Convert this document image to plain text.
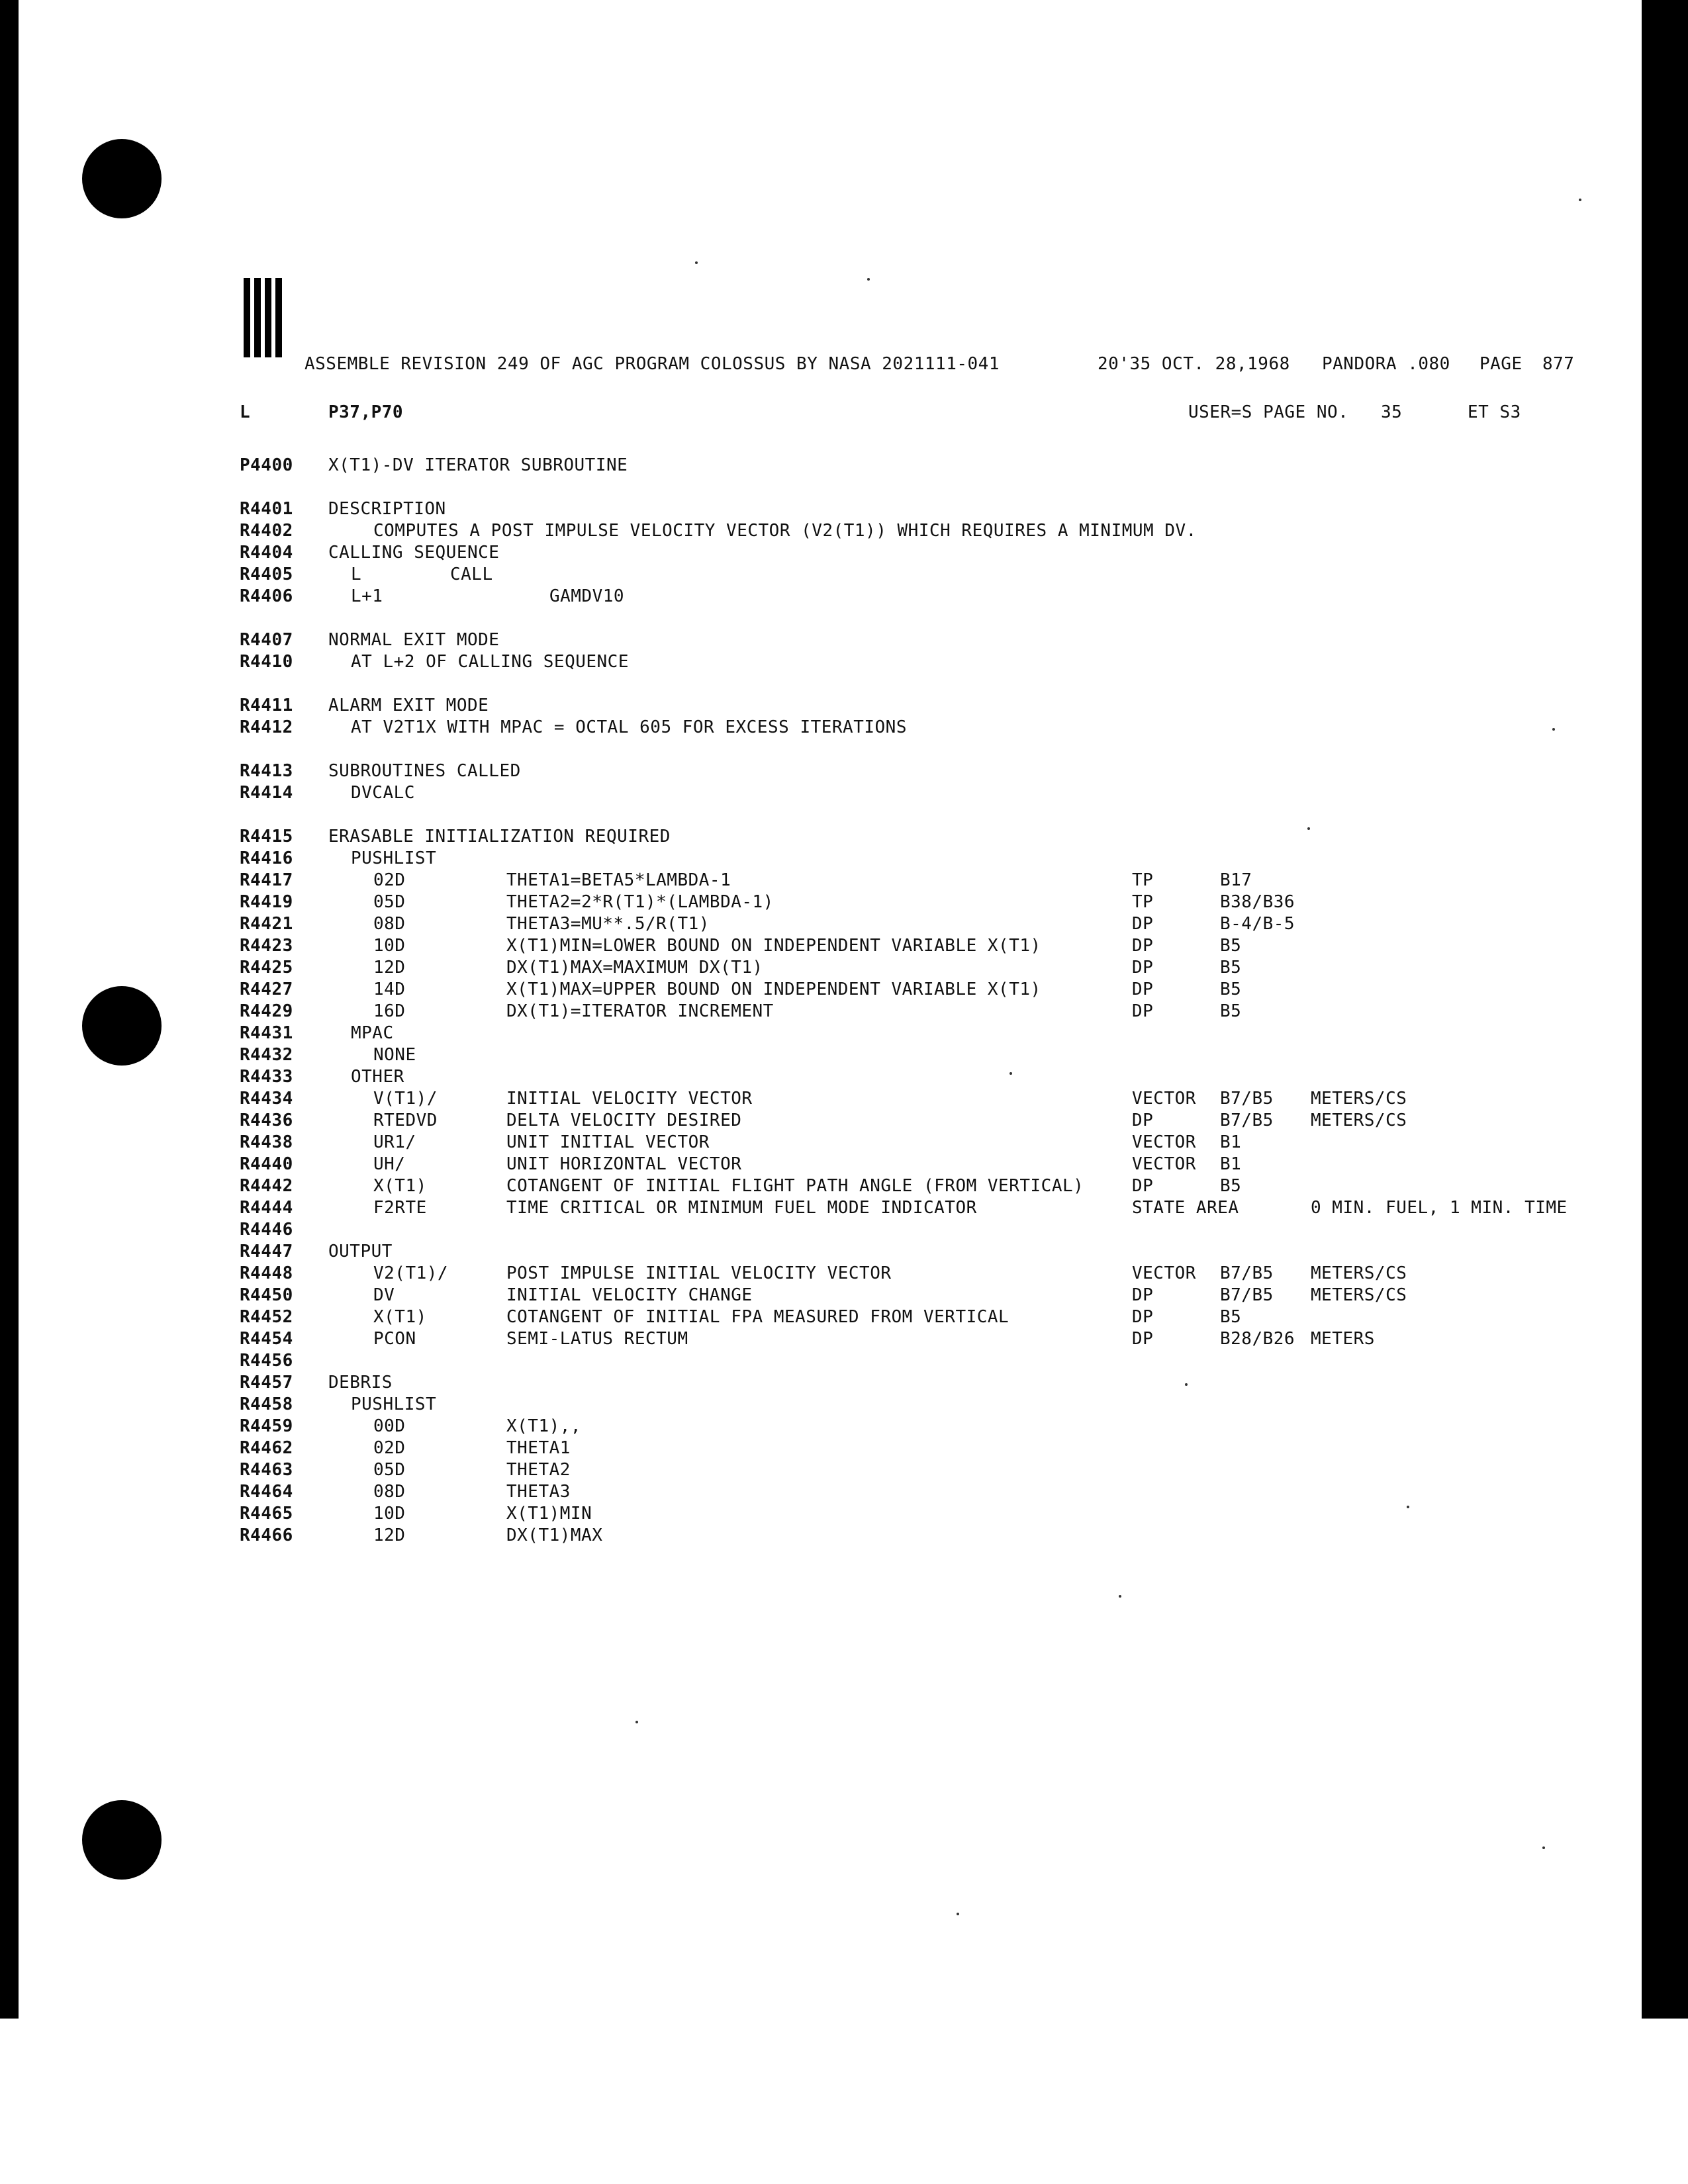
ASSEMBLE REVISION 249 OF AGC PROGRAM COLOSSUS BY NASA 2021111-041	20'35 OCT. 28,1968 PANDORA .080 PAGE 877
L	P37,P70	USER=S PAGE NO. 35	ET S3
P4400 X(T1)-DV ITERATOR SUBROUTINE
R4401 DESCRIPTION
R4402	COMPUTES A POST IMPULSE VELOCITY VECTOR (V2(T1)) WHICH REQUIRES A MINIMUM DV.
R4404 CALLING SEQUENCE
R4405	L	CALL
R4406	L+1	GAMDV10
R4407 NORMAL EXIT MODE
R4410	AT L+2 OF CALLING SEQUENCE
R4411 ALARM EXIT MODE
R4412	AT V2T1X WITH MPAC = OCTAL 605 FOR EXCESS ITERATIONS
R4413 SUBROUTINES CALLED
R4414	DVCALC
R4415 ERASABLE INITIALIZATION REQUIRED
R4416	PUSHLIST
R4417	02D	THETA1=BETA5*LAMBDA-1	TP	B17
R4419	05D	THETA2=2*R(T1)*(LAMBDA-1)	TP	B38/B36
R4421	08D	THETA3=MU**.5/R(T1)	DP	B-4/B-5
R4423	10D	X(T1)MIN=LOWER BOUND ON INDEPENDENT VARIABLE X(T1)	DP	B5
R4425	12D	DX(T1)MAX=MAXIMUM DX(T1)	DP	B5
R4427	14D	X(T1)MAX=UPPER BOUND ON INDEPENDENT VARIABLE X(T1)	DP	B5
R4429	16D	DX(T1)=ITERATOR INCREMENT	DP	B5
R4431	MPAC
R4432	NONE
R4433	OTHER
R4434	V(T1)/	INITIAL VELOCITY VECTOR	VECTOR B7/B5 METERS/CS
R4436	RTEDVD	DELTA VELOCITY DESIRED	DP	B7/B5 METERS/CS
R4438	UR1/	UNIT INITIAL VECTOR	VECTOR B1
R4440	UH/	UNIT HORIZONTAL VECTOR	VECTOR B1
R4442	X(T1)	COTANGENT OF INITIAL FLIGHT PATH ANGLE (FROM VERTICAL)	DP	B5
R4444	F2RTE	TIME CRITICAL OR MINIMUM FUEL MODE INDICATOR	STATE AREA	0 MIN. FUEL, 1 MIN. TIME
R4446
R4447 OUTPUT
R4448	V2(T1)/	POST IMPULSE INITIAL VELOCITY VECTOR	VECTOR B7/B5 METERS/CS
R4450	DV	INITIAL VELOCITY CHANGE	DP	B7/B5 METERS/CS
R4452	X(T1)	COTANGENT OF INITIAL FPA MEASURED FROM VERTICAL	DP	B5
R4454	PCON	SEMI-LATUS RECTUM	DP	B28/B26 METERS
R4456
R4457 DEBRIS
R4458	PUSHLIST
R4459	00D	X(T1),,
R4462	02D	THETA1
R4463	05D	THETA2
R4464	08D	THETA3
R4465	10D	X(T1)MIN
R4466	12D	DX(T1)MAX
